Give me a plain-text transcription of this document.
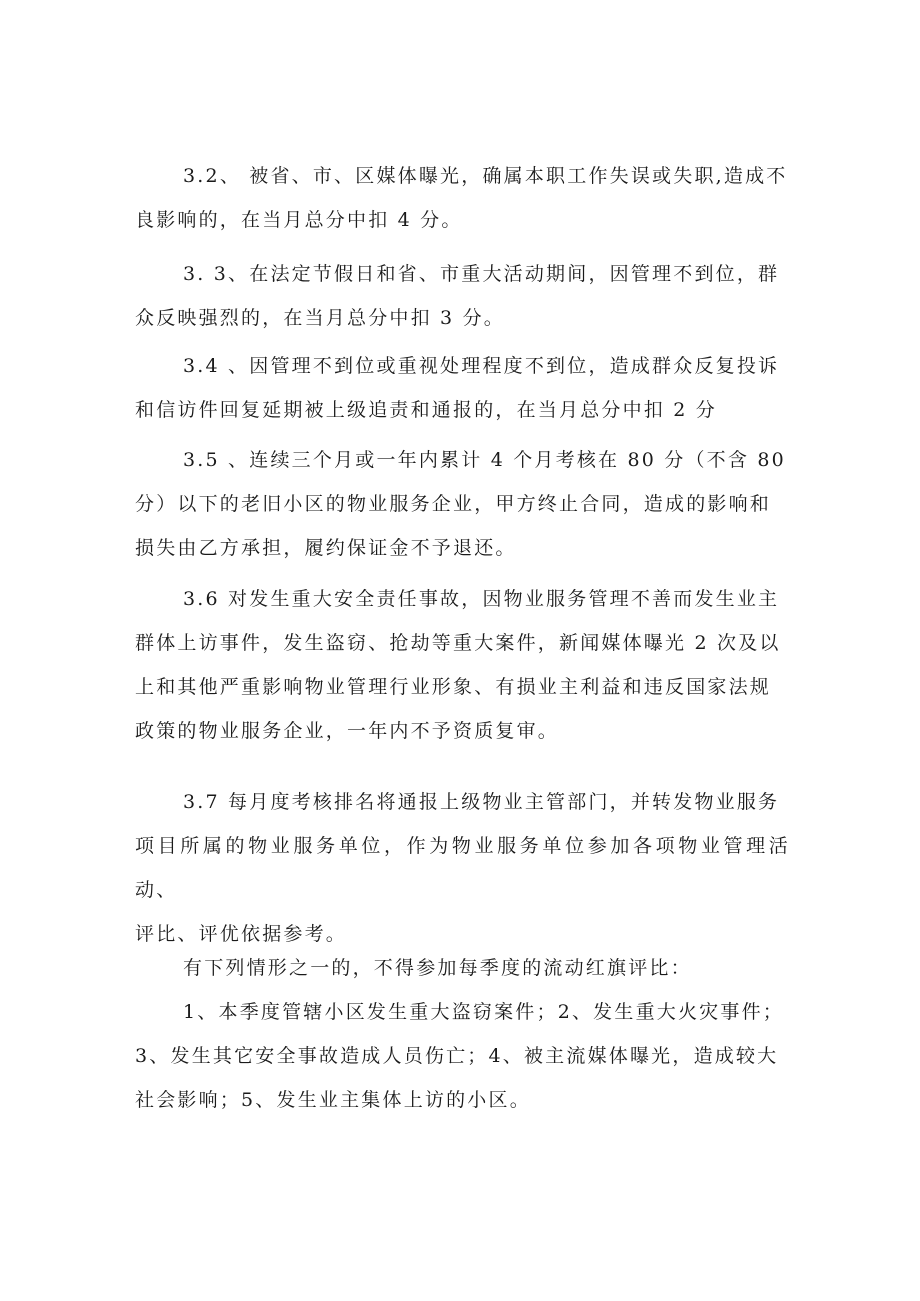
3.2、 被省、市、区媒体曝光，确属本职工作失误或失职,造成不
良影响的，在当月总分中扣 4 分。

3. 3、在法定节假日和省、市重大活动期间，因管理不到位，群
众反映强烈的，在当月总分中扣 3 分。

3.4 、因管理不到位或重视处理程度不到位，造成群众反复投诉
和信访件回复延期被上级追责和通报的，在当月总分中扣 2 分

3.5 、连续三个月或一年内累计 4 个月考核在 80 分（不含 80
分）以下的老旧小区的物业服务企业，甲方终止合同，造成的影响和
损失由乙方承担，履约保证金不予退还。

3.6 对发生重大安全责任事故，因物业服务管理不善而发生业主
群体上访事件，发生盗窃、抢劫等重大案件，新闻媒体曝光 2 次及以
上和其他严重影响物业管理行业形象、有损业主利益和违反国家法规
政策的物业服务企业，一年内不予资质复审。

3.7 每月度考核排名将通报上级物业主管部门，并转发物业服务
项目所属的物业服务单位，作为物业服务单位参加各项物业管理活动、
评比、评优依据参考。

有下列情形之一的，不得参加每季度的流动红旗评比：

1、本季度管辖小区发生重大盗窃案件；2、发生重大火灾事件；
3、发生其它安全事故造成人员伤亡；4、被主流媒体曝光，造成较大
社会影响；5、发生业主集体上访的小区。
